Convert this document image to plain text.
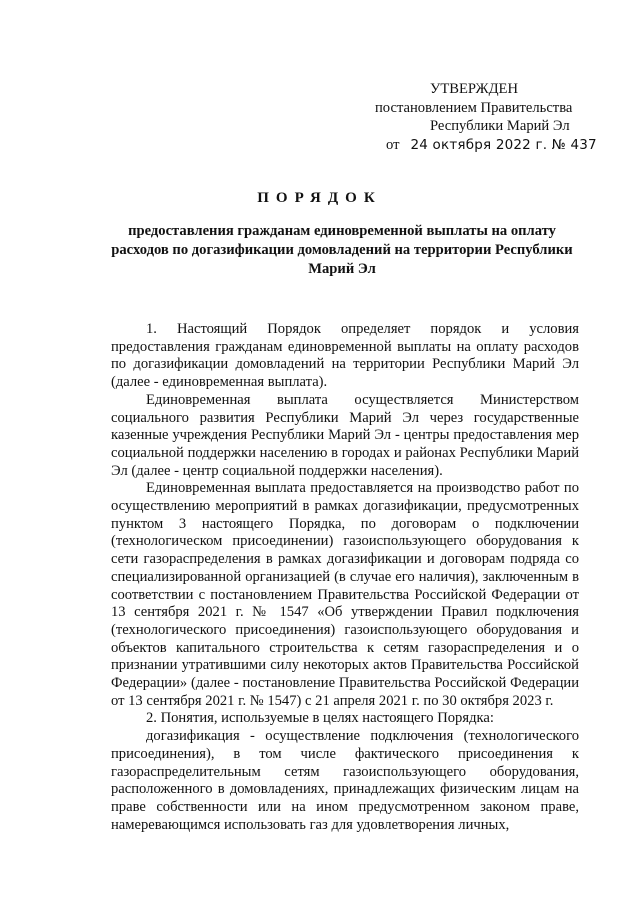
УТВЕРЖДЕН
постановлением Правительства
Республики Марий Эл
от 24 октября 2022 г. № 437
ПОРЯДОК
предоставления гражданам единовременной выплаты на оплату расходов по догазификации домовладений на территории Республики Марий Эл

1. Настоящий Порядок определяет порядок и условия предоставления гражданам единовременной выплаты на оплату расходов по догазификации домовладений на территории Республики Марий Эл (далее - единовременная выплата).

Единовременная выплата осуществляется Министерством социального развития Республики Марий Эл через государственные казенные учреждения Республики Марий Эл - центры предоставления мер социальной поддержки населению в городах и районах Республики Марий Эл (далее - центр социальной поддержки населения).

Единовременная выплата предоставляется на производство работ по осуществлению мероприятий в рамках догазификации, предусмотренных пунктом 3 настоящего Порядка, по договорам о подключении (технологическом присоединении) газоиспользующего оборудования к сети газораспределения в рамках догазификации и договорам подряда со специализированной организацией (в случае его наличия), заключенным в соответствии с постановлением Правительства Российской Федерации от 13 сентября 2021 г. № 1547 «Об утверждении Правил подключения (технологического присоединения) газоиспользующего оборудования и объектов капитального строительства к сетям газораспределения и о признании утратившими силу некоторых актов Правительства Российской Федерации» (далее - постановление Правительства Российской Федерации от 13 сентября 2021 г. № 1547) с 21 апреля 2021 г. по 30 октября 2023 г.

2. Понятия, используемые в целях настоящего Порядка:

догазификация - осуществление подключения (технологического присоединения), в том числе фактического присоединения к газораспределительным сетям газоиспользующего оборудования, расположенного в домовладениях, принадлежащих физическим лицам на праве собственности или на ином предусмотренном законом праве, намеревающимся использовать газ для удовлетворения личных,
